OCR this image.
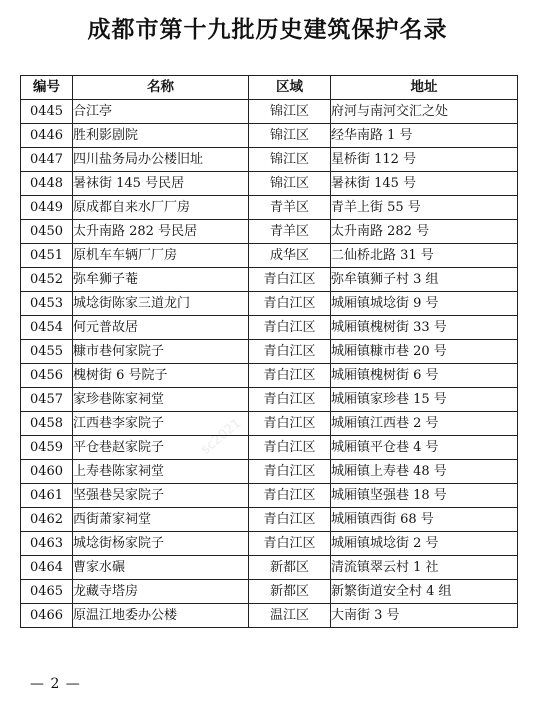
成都市第十九批历史建筑保护名录
sc2021
编号	名称	区域	地址
0445	合江亭	锦江区	府河与南河交汇之处
0446	胜利影剧院	锦江区	经华南路 1 号
0447	四川盐务局办公楼旧址	锦江区	星桥街 112 号
0448	暑袜街 145 号民居	锦江区	暑袜街 145 号
0449	原成都自来水厂厂房	青羊区	青羊上街 55 号
0450	太升南路 282 号民居	青羊区	太升南路 282 号
0451	原机车车辆厂厂房	成华区	二仙桥北路 31 号
0452	弥牟狮子菴	青白江区	弥牟镇狮子村 3 组
0453	城埝街陈家三道龙门	青白江区	城厢镇城埝街 9 号
0454	何元普故居	青白江区	城厢镇槐树街 33 号
0455	糠市巷何家院子	青白江区	城厢镇糠市巷 20 号
0456	槐树街 6 号院子	青白江区	城厢镇槐树街 6 号
0457	家珍巷陈家祠堂	青白江区	城厢镇家珍巷 15 号
0458	江西巷李家院子	青白江区	城厢镇江西巷 2 号
0459	平仓巷赵家院子	青白江区	城厢镇平仓巷 4 号
0460	上寿巷陈家祠堂	青白江区	城厢镇上寿巷 48 号
0461	坚强巷吴家院子	青白江区	城厢镇坚强巷 18 号
0462	西街萧家祠堂	青白江区	城厢镇西街 68 号
0463	城埝街杨家院子	青白江区	城厢镇城埝街 2 号
0464	曹家水碾	新都区	清流镇翠云村 1 社
0465	龙藏寺塔房	新都区	新繁街道安全村 4 组
0466	原温江地委办公楼	温江区	大南街 3 号
— 2 —
